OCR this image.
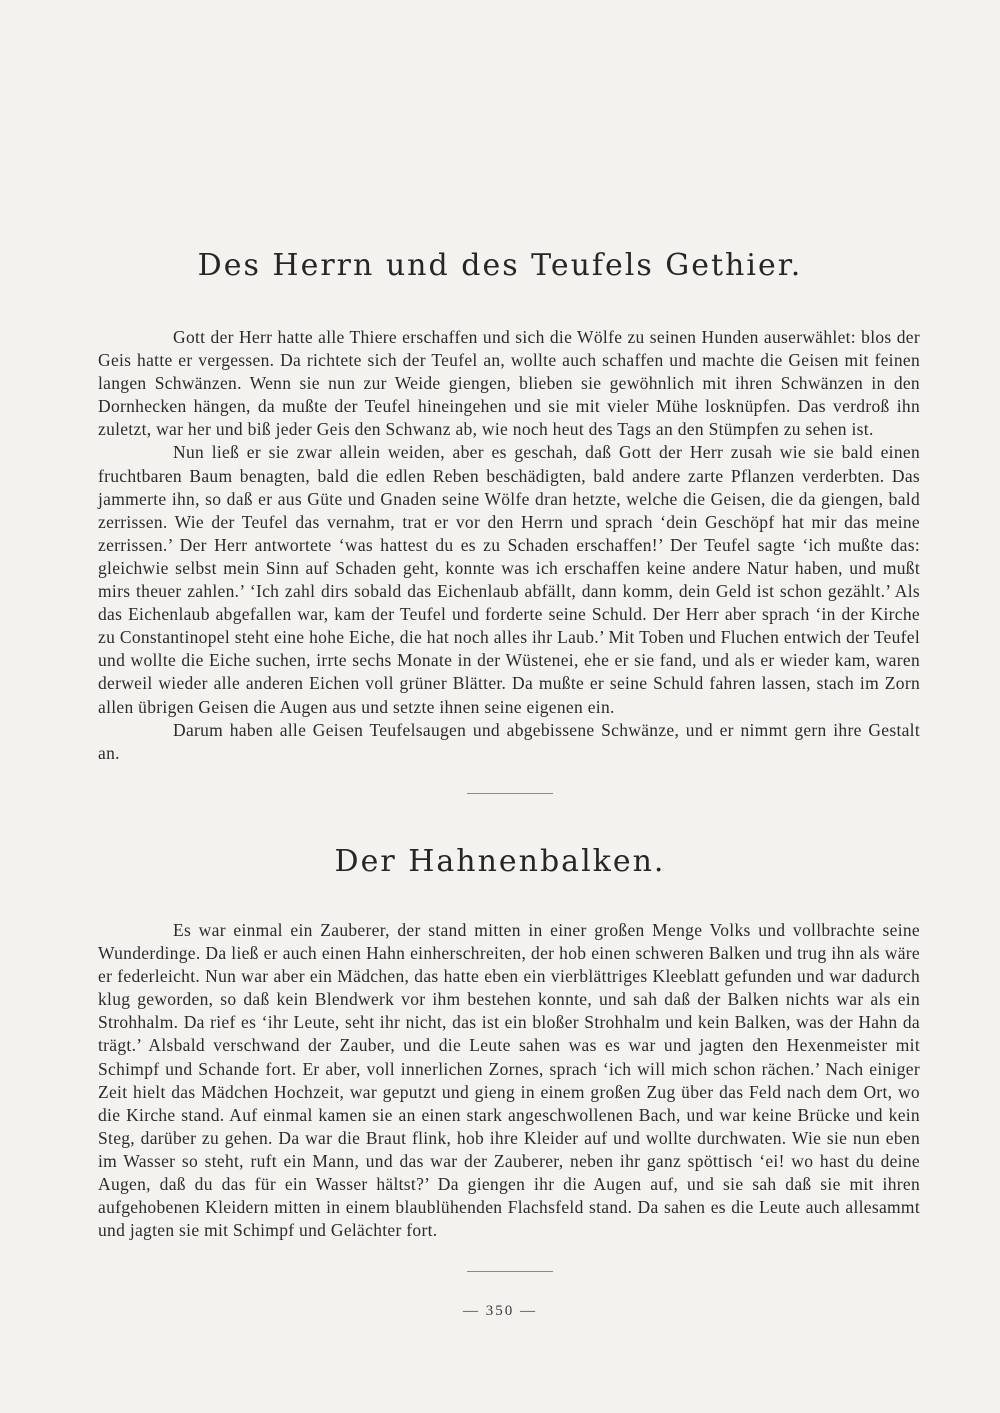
Des Herrn und des Teufels Gethier.

Gott der Herr hatte alle Thiere erschaffen und sich die Wölfe zu seinen Hunden auserwählet: blos der Geis hatte er vergessen. Da richtete sich der Teufel an, wollte auch schaffen und machte die Geisen mit feinen langen Schwänzen. Wenn sie nun zur Weide giengen, blieben sie gewöhnlich mit ihren Schwänzen in den Dornhecken hängen, da mußte der Teufel hineingehen und sie mit vieler Mühe losknüpfen. Das verdroß ihn zuletzt, war her und biß jeder Geis den Schwanz ab, wie noch heut des Tags an den Stümpfen zu sehen ist.

Nun ließ er sie zwar allein weiden, aber es geschah, daß Gott der Herr zusah wie sie bald einen fruchtbaren Baum benagten, bald die edlen Reben beschädigten, bald andere zarte Pflanzen verderbten. Das jammerte ihn, so daß er aus Güte und Gnaden seine Wölfe dran hetzte, welche die Geisen, die da giengen, bald zerrissen. Wie der Teufel das vernahm, trat er vor den Herrn und sprach ‘dein Geschöpf hat mir das meine zerrissen.’ Der Herr antwortete ‘was hattest du es zu Schaden erschaffen!’ Der Teufel sagte ‘ich mußte das: gleichwie selbst mein Sinn auf Schaden geht, konnte was ich erschaffen keine andere Natur haben, und mußt mirs theuer zahlen.’ ‘Ich zahl dirs sobald das Eichenlaub abfällt, dann komm, dein Geld ist schon gezählt.’ Als das Eichenlaub abgefallen war, kam der Teufel und forderte seine Schuld. Der Herr aber sprach ‘in der Kirche zu Constantinopel steht eine hohe Eiche, die hat noch alles ihr Laub.’ Mit Toben und Fluchen entwich der Teufel und wollte die Eiche suchen, irrte sechs Monate in der Wüstenei, ehe er sie fand, und als er wieder kam, waren derweil wieder alle anderen Eichen voll grüner Blätter. Da mußte er seine Schuld fahren lassen, stach im Zorn allen übrigen Geisen die Augen aus und setzte ihnen seine eigenen ein.

Darum haben alle Geisen Teufelsaugen und abgebissene Schwänze, und er nimmt gern ihre Gestalt an.

Der Hahnenbalken.

Es war einmal ein Zauberer, der stand mitten in einer großen Menge Volks und vollbrachte seine Wunderdinge. Da ließ er auch einen Hahn einherschreiten, der hob einen schweren Balken und trug ihn als wäre er federleicht. Nun war aber ein Mädchen, das hatte eben ein vierblättriges Kleeblatt gefunden und war dadurch klug geworden, so daß kein Blendwerk vor ihm bestehen konnte, und sah daß der Balken nichts war als ein Strohhalm. Da rief es ‘ihr Leute, seht ihr nicht, das ist ein bloßer Strohhalm und kein Balken, was der Hahn da trägt.’ Alsbald verschwand der Zauber, und die Leute sahen was es war und jagten den Hexenmeister mit Schimpf und Schande fort. Er aber, voll innerlichen Zornes, sprach ‘ich will mich schon rächen.’ Nach einiger Zeit hielt das Mädchen Hochzeit, war geputzt und gieng in einem großen Zug über das Feld nach dem Ort, wo die Kirche stand. Auf einmal kamen sie an einen stark angeschwollenen Bach, und war keine Brücke und kein Steg, darüber zu gehen. Da war die Braut flink, hob ihre Kleider auf und wollte durchwaten. Wie sie nun eben im Wasser so steht, ruft ein Mann, und das war der Zauberer, neben ihr ganz spöttisch ‘ei! wo hast du deine Augen, daß du das für ein Wasser hältst?’ Da giengen ihr die Augen auf, und sie sah daß sie mit ihren aufgehobenen Kleidern mitten in einem blaublühenden Flachsfeld stand. Da sahen es die Leute auch allesammt und jagten sie mit Schimpf und Gelächter fort.

— 350 —
